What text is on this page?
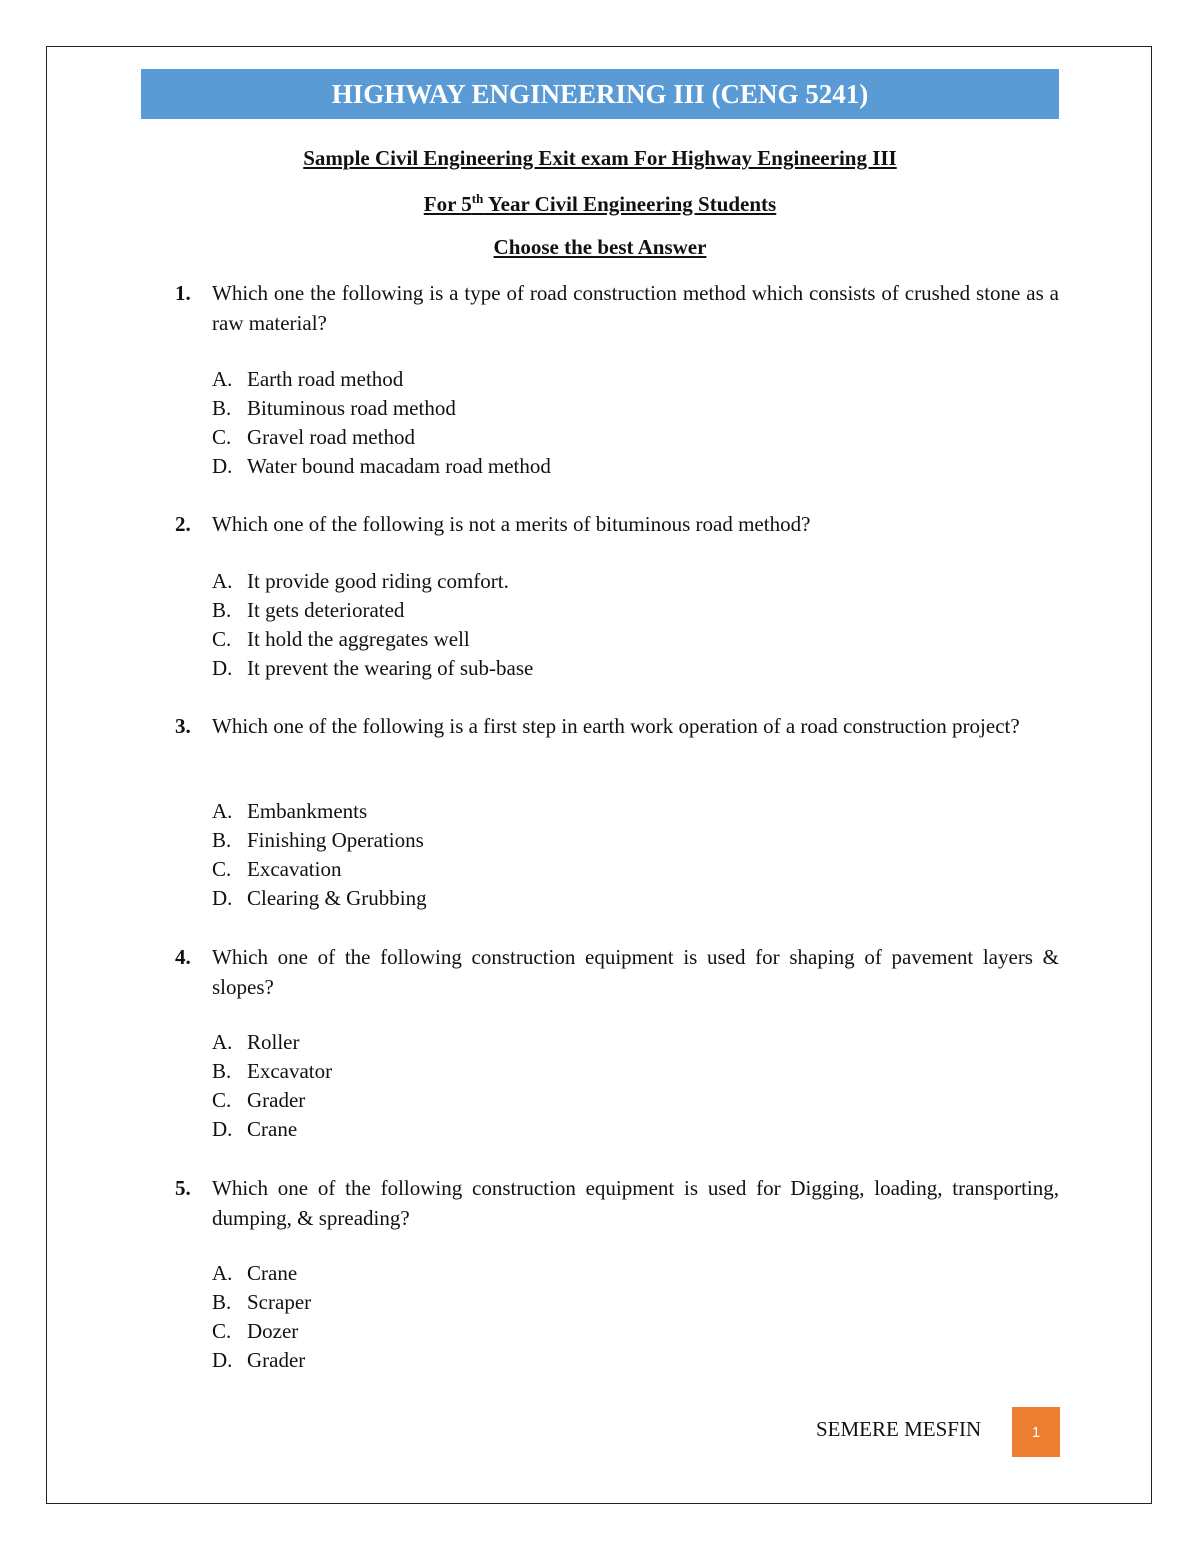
HIGHWAY ENGINEERING III (CENG 5241)
Sample Civil Engineering Exit exam For Highway Engineering III
For 5th Year Civil Engineering Students
Choose the best Answer
1. Which one the following is a type of road construction method which consists of crushed stone as a raw material?
A. Earth road method
B. Bituminous road method
C. Gravel road method
D. Water bound macadam road method
2. Which one of the following is not a merits of bituminous road method?
A. It provide good riding comfort.
B. It gets deteriorated
C. It hold the aggregates well
D. It prevent the wearing of sub-base
3. Which one of the following is a first step in earth work operation of a road construction project?
A. Embankments
B. Finishing Operations
C. Excavation
D. Clearing & Grubbing
4. Which one of the following construction equipment is used for shaping of pavement layers & slopes?
A. Roller
B. Excavator
C. Grader
D. Crane
5. Which one of the following construction equipment is used for Digging, loading, transporting, dumping, & spreading?
A. Crane
B. Scraper
C. Dozer
D. Grader
SEMERE MESFIN	1
